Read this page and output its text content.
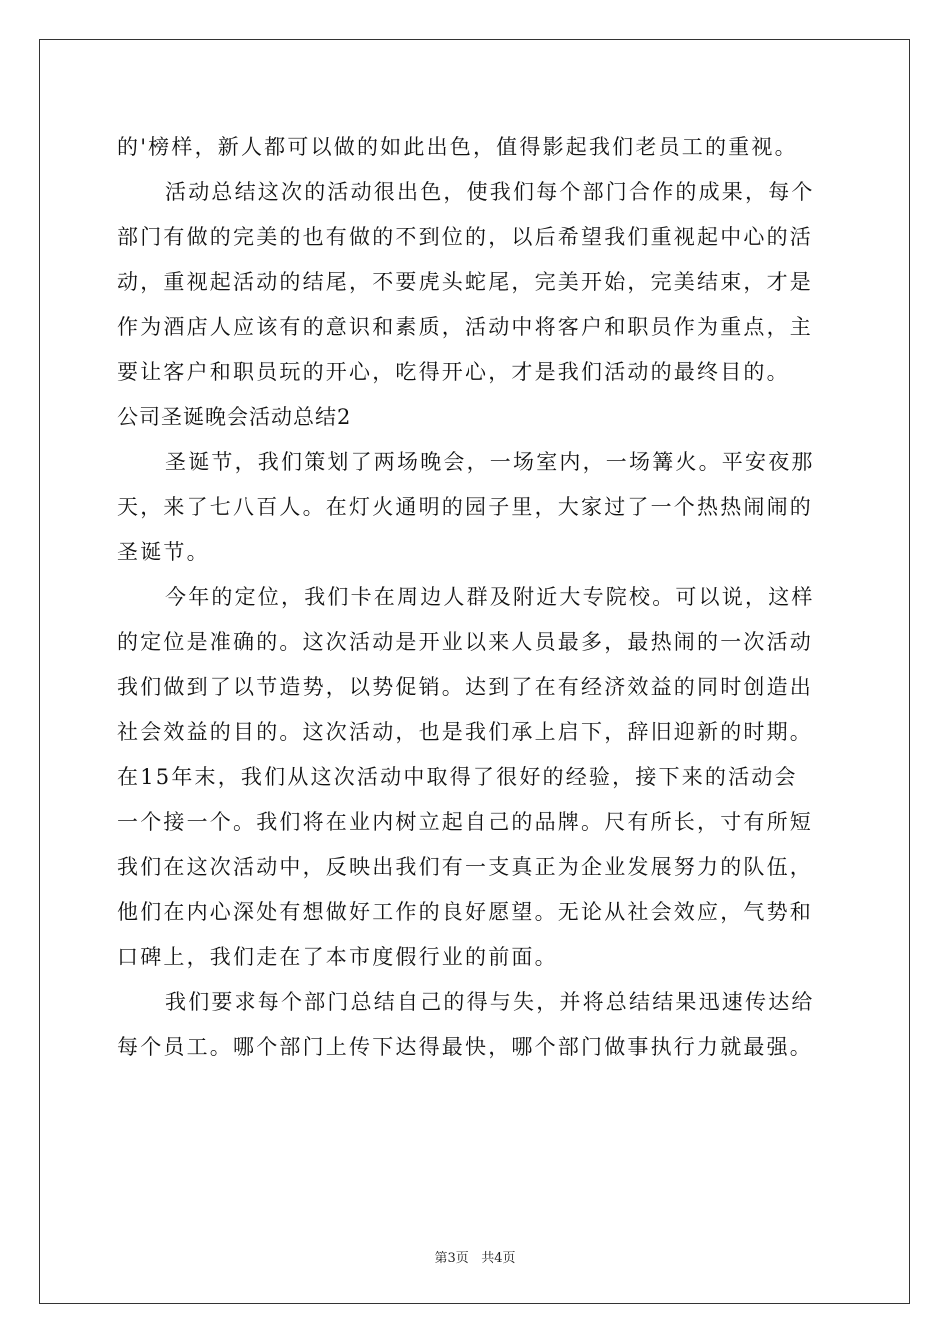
的'榜样，新人都可以做的如此出色，值得影起我们老员工的重视。
活动总结这次的活动很出色，使我们每个部门合作的成果，每个
部门有做的完美的也有做的不到位的，以后希望我们重视起中心的活
动，重视起活动的结尾，不要虎头蛇尾，完美开始，完美结束，才是
作为酒店人应该有的意识和素质，活动中将客户和职员作为重点，主
要让客户和职员玩的开心，吃得开心，才是我们活动的最终目的。
公司圣诞晚会活动总结2
圣诞节，我们策划了两场晚会，一场室内，一场篝火。平安夜那
天，来了七八百人。在灯火通明的园子里，大家过了一个热热闹闹的
圣诞节。
今年的定位，我们卡在周边人群及附近大专院校。可以说，这样
的定位是准确的。这次活动是开业以来人员最多，最热闹的一次活动
我们做到了以节造势，以势促销。达到了在有经济效益的同时创造出
社会效益的目的。这次活动，也是我们承上启下，辞旧迎新的时期。
在15年末，我们从这次活动中取得了很好的经验，接下来的活动会
一个接一个。我们将在业内树立起自己的品牌。尺有所长，寸有所短
我们在这次活动中，反映出我们有一支真正为企业发展努力的队伍，
他们在内心深处有想做好工作的良好愿望。无论从社会效应，气势和
口碑上，我们走在了本市度假行业的前面。
我们要求每个部门总结自己的得与失，并将总结结果迅速传达给
每个员工。哪个部门上传下达得最快，哪个部门做事执行力就最强。
第3页 共4页
